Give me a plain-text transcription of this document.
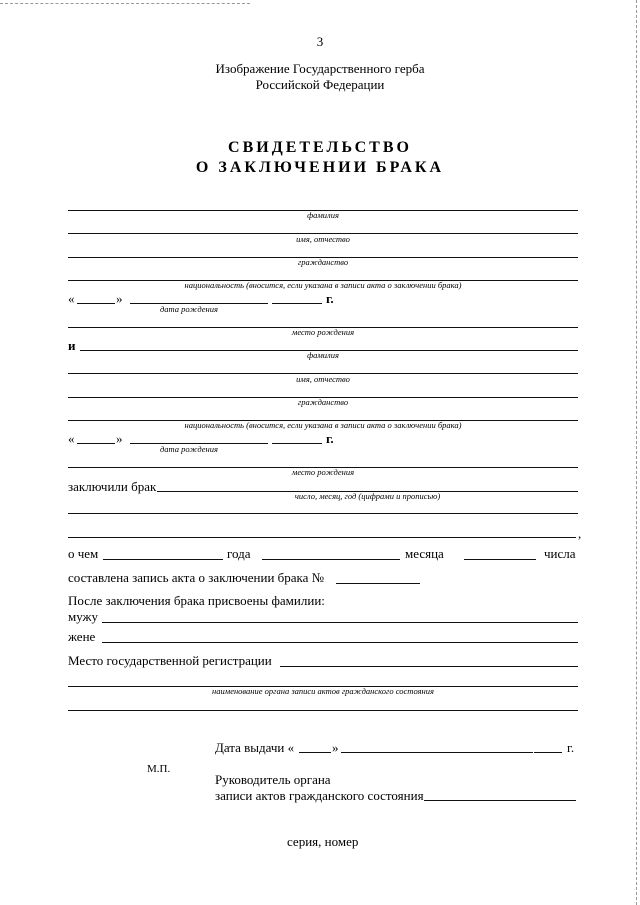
3
Изображение Государственного герба
Российской Федерации
СВИДЕТЕЛЬСТВО
О ЗАКЛЮЧЕНИИ БРАКА
фамилия
имя, отчество
гражданство
национальность (вносится, если указана в записи акта о заключении брака)
«	»	г.
дата рождения
место рождения
и
фамилия
имя, отчество
гражданство
национальность (вносится, если указана в записи акта о заключении брака)
«	»	г.
дата рождения
место рождения
заключили брак
число, месяц, год (цифрами и прописью)
,
о чем	года	месяца	числа
составлена запись акта о заключении брака №
После заключения брака присвоены фамилии:
мужу
жене
Место государственной регистрации
наименование органа записи актов гражданского состояния
Дата выдачи «	»	г.
М.П.
Руководитель органа
записи актов гражданского состояния
серия, номер
